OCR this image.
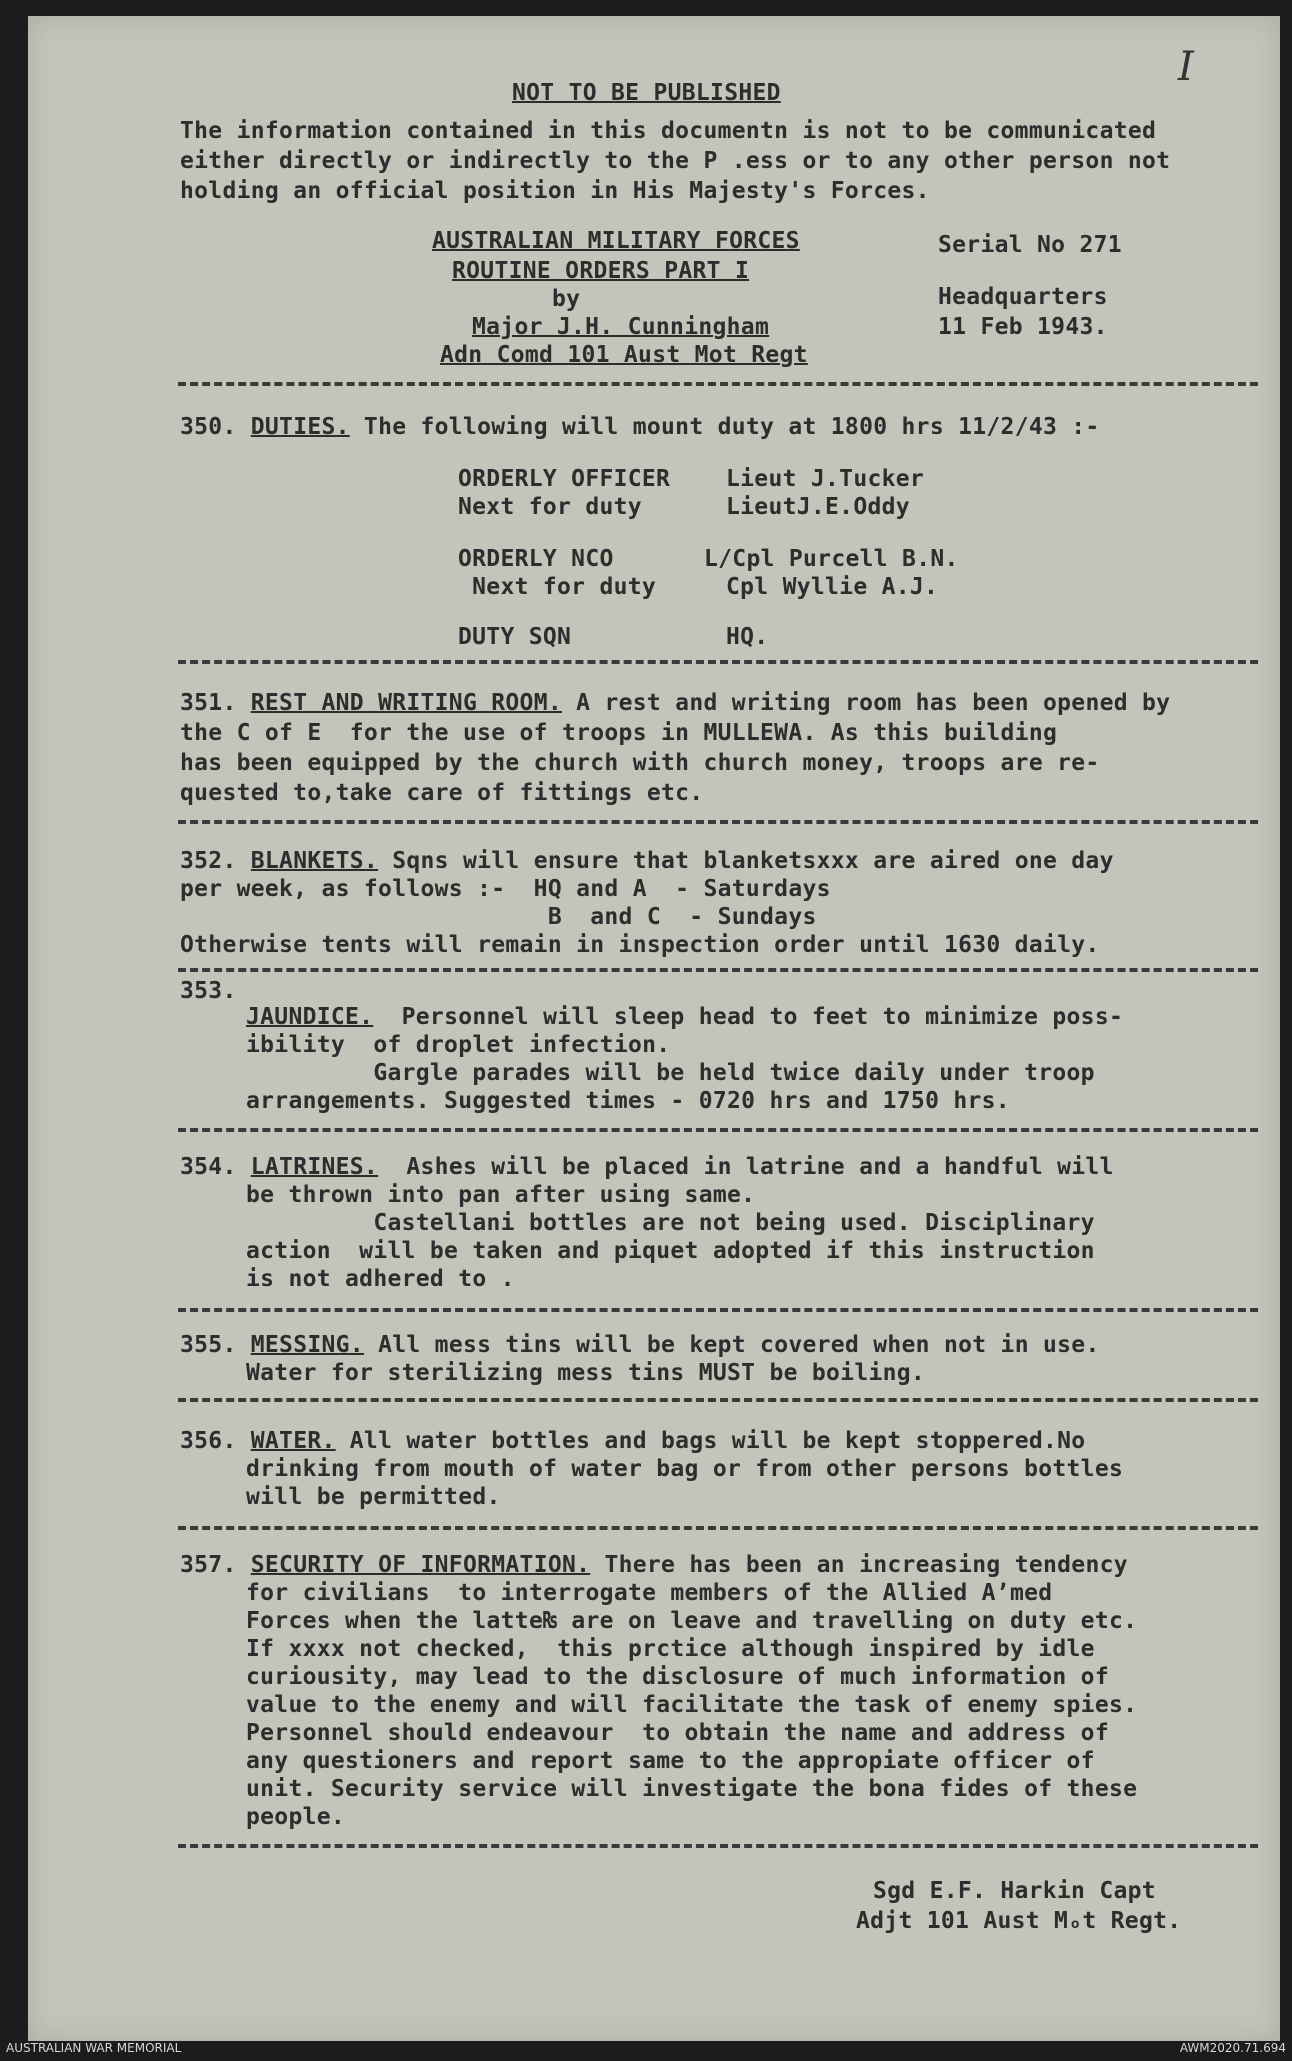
I
NOT TO BE PUBLISHED
The information contained in this documentn is not to be communicated
either directly or indirectly to the P .ess or to any other person not
holding an official position in His Majesty's Forces.
AUSTRALIAN MILITARY FORCES
ROUTINE ORDERS PART I
by
Major J.H. Cunningham
Adn Comd 101 Aust Mot Regt
Serial No 271
Headquarters
11 Feb 1943.
350. DUTIES. The following will mount duty at 1800 hrs 11/2/43 :-
ORDERLY OFFICER Lieut J.Tucker
Next for duty	LieutJ.E.Oddy
ORDERLY NCO	L/Cpl Purcell B.N.
Next for duty	Cpl Wyllie A.J.
DUTY SQN	HQ.
351. REST AND WRITING ROOM. A rest and writing room has been opened by
the C of E  for the use of troops in MULLEWA. As this building
has been equipped by the church with church money, troops are re-
quested to,take care of fittings etc.
352. BLANKETS. Sqns will ensure that blanketsxxx are aired one day
per week, as follows :-  HQ and A  - Saturdays
B  and C  - Sundays
Otherwise tents will remain in inspection order until 1630 daily.
353.
JAUNDICE.  Personnel will sleep head to feet to minimize poss-
ibility  of droplet infection.
Gargle parades will be held twice daily under troop
arrangements. Suggested times - 0720 hrs and 1750 hrs.
354. LATRINES.  Ashes will be placed in latrine and a handful will
be thrown into pan after using same.
Castellani bottles are not being used. Disciplinary
action  will be taken and piquet adopted if this instruction
is not adhered to .
355. MESSING. All mess tins will be kept covered when not in use.
Water for sterilizing mess tins MUST be boiling.
356. WATER. All water bottles and bags will be kept stoppered.No
drinking from mouth of water bag or from other persons bottles
will be permitted.
357. SECURITY OF INFORMATION. There has been an increasing tendency
for civilians  to interrogate members of the Allied Aʼmed
Forces when the latte₨ are on leave and travelling on duty etc.
If xxxx not checked,  this prctice although inspired by idle
curiousity, may lead to the disclosure of much information of
value to the enemy and will facilitate the task of enemy spies.
Personnel should endeavour  to obtain the name and address of
any questioners and report same to the appropiate officer of
unit. Security service will investigate the bona fides of these
people.
Sgd E.F. Harkin Capt
Adjt 101 Aust Mₒt Regt.
AUSTRALIAN WAR MEMORIAL	AWM2020.71.694
